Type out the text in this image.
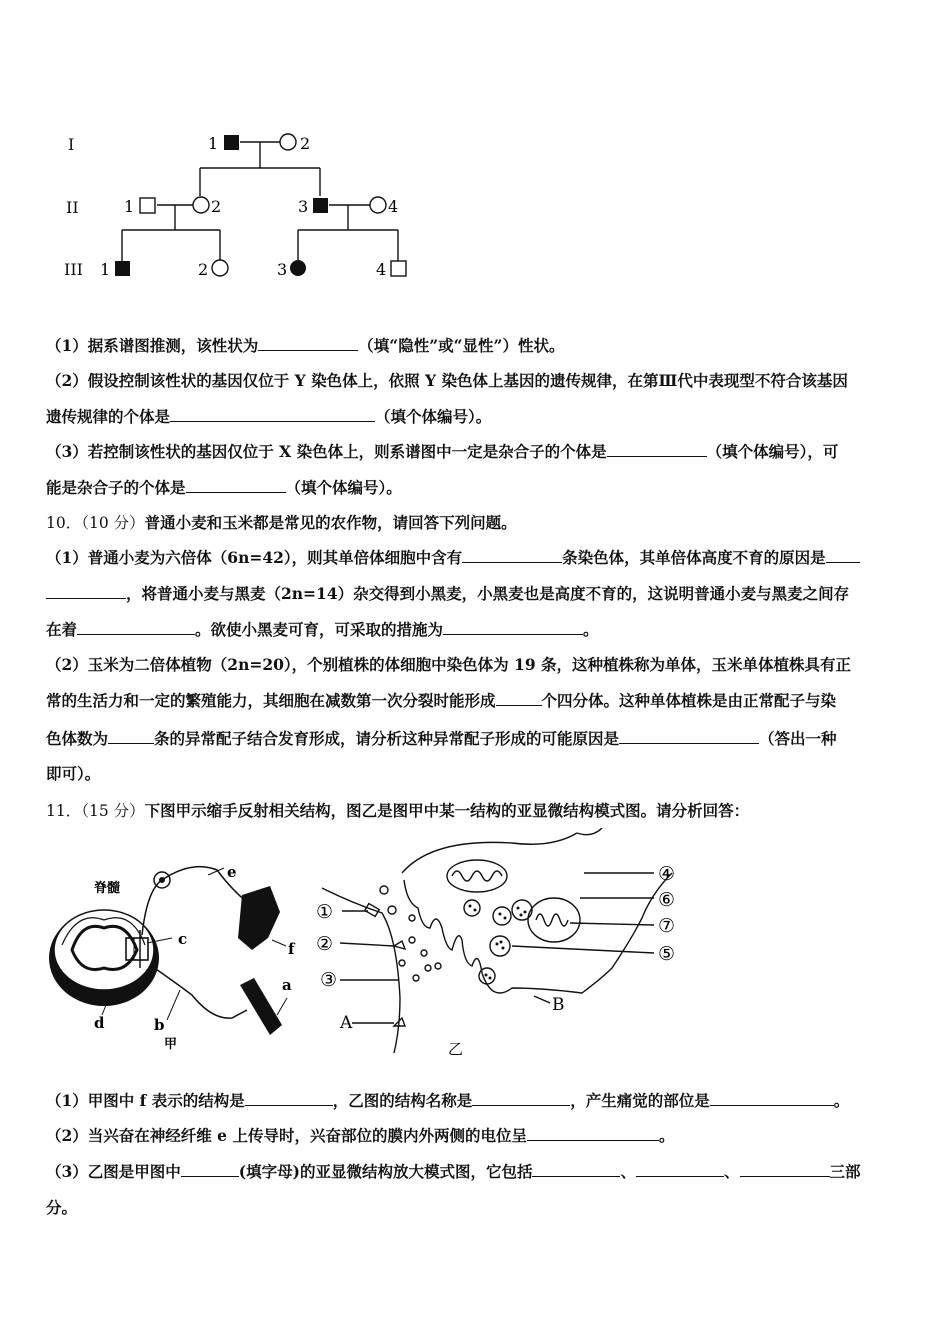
I
II
III
1	2
1	2	3	4
1	2	3	4
（1）据系谱图推测，该性状为	（填“隐性”或“显性”）性状。
（2）假设控制该性状的基因仅位于 Y 染色体上，依照 Y 染色体上基因的遗传规律，在第Ⅲ代中表现型不符合该基因
遗传规律的个体是	（填个体编号）。
（3）若控制该性状的基因仅位于 X 染色体上，则系谱图中一定是杂合子的个体是	（填个体编号），可
能是杂合子的个体是	（填个体编号）。
10．（10 分）普通小麦和玉米都是常见的农作物，请回答下列问题。
（1）普通小麦为六倍体（6n=42），则其单倍体细胞中含有	条染色体，其单倍体高度不育的原因是
，将普通小麦与黑麦（2n=14）杂交得到小黑麦，小黑麦也是高度不育的，这说明普通小麦与黑麦之间存
在着	。欲使小黑麦可育，可采取的措施为	。
（2）玉米为二倍体植物（2n=20），个别植株的体细胞中染色体为 19 条，这种植株称为单体，玉米单体植株具有正
常的生活力和一定的繁殖能力，其细胞在减数第一次分裂时能形成	个四分体。这种单体植株是由正常配子与染
色体数为	条的异常配子结合发育形成，请分析这种异常配子形成的可能原因是	（答出一种
即可）。
11．（15 分）下图甲示缩手反射相关结构，图乙是图甲中某一结构的亚显微结构模式图。请分析回答：
脊髓
e
c
f
a
d	b
甲
①
②
③
④
⑥
⑦
⑤
A
B
乙
（1）甲图中 f 表示的结构是	，乙图的结构名称是	，产生痛觉的部位是	。
（2）当兴奋在神经纤维 e 上传导时，兴奋部位的膜内外两侧的电位呈	。
（3）乙图是甲图中	(填字母)的亚显微结构放大模式图，它包括	、	、	三部
分。
